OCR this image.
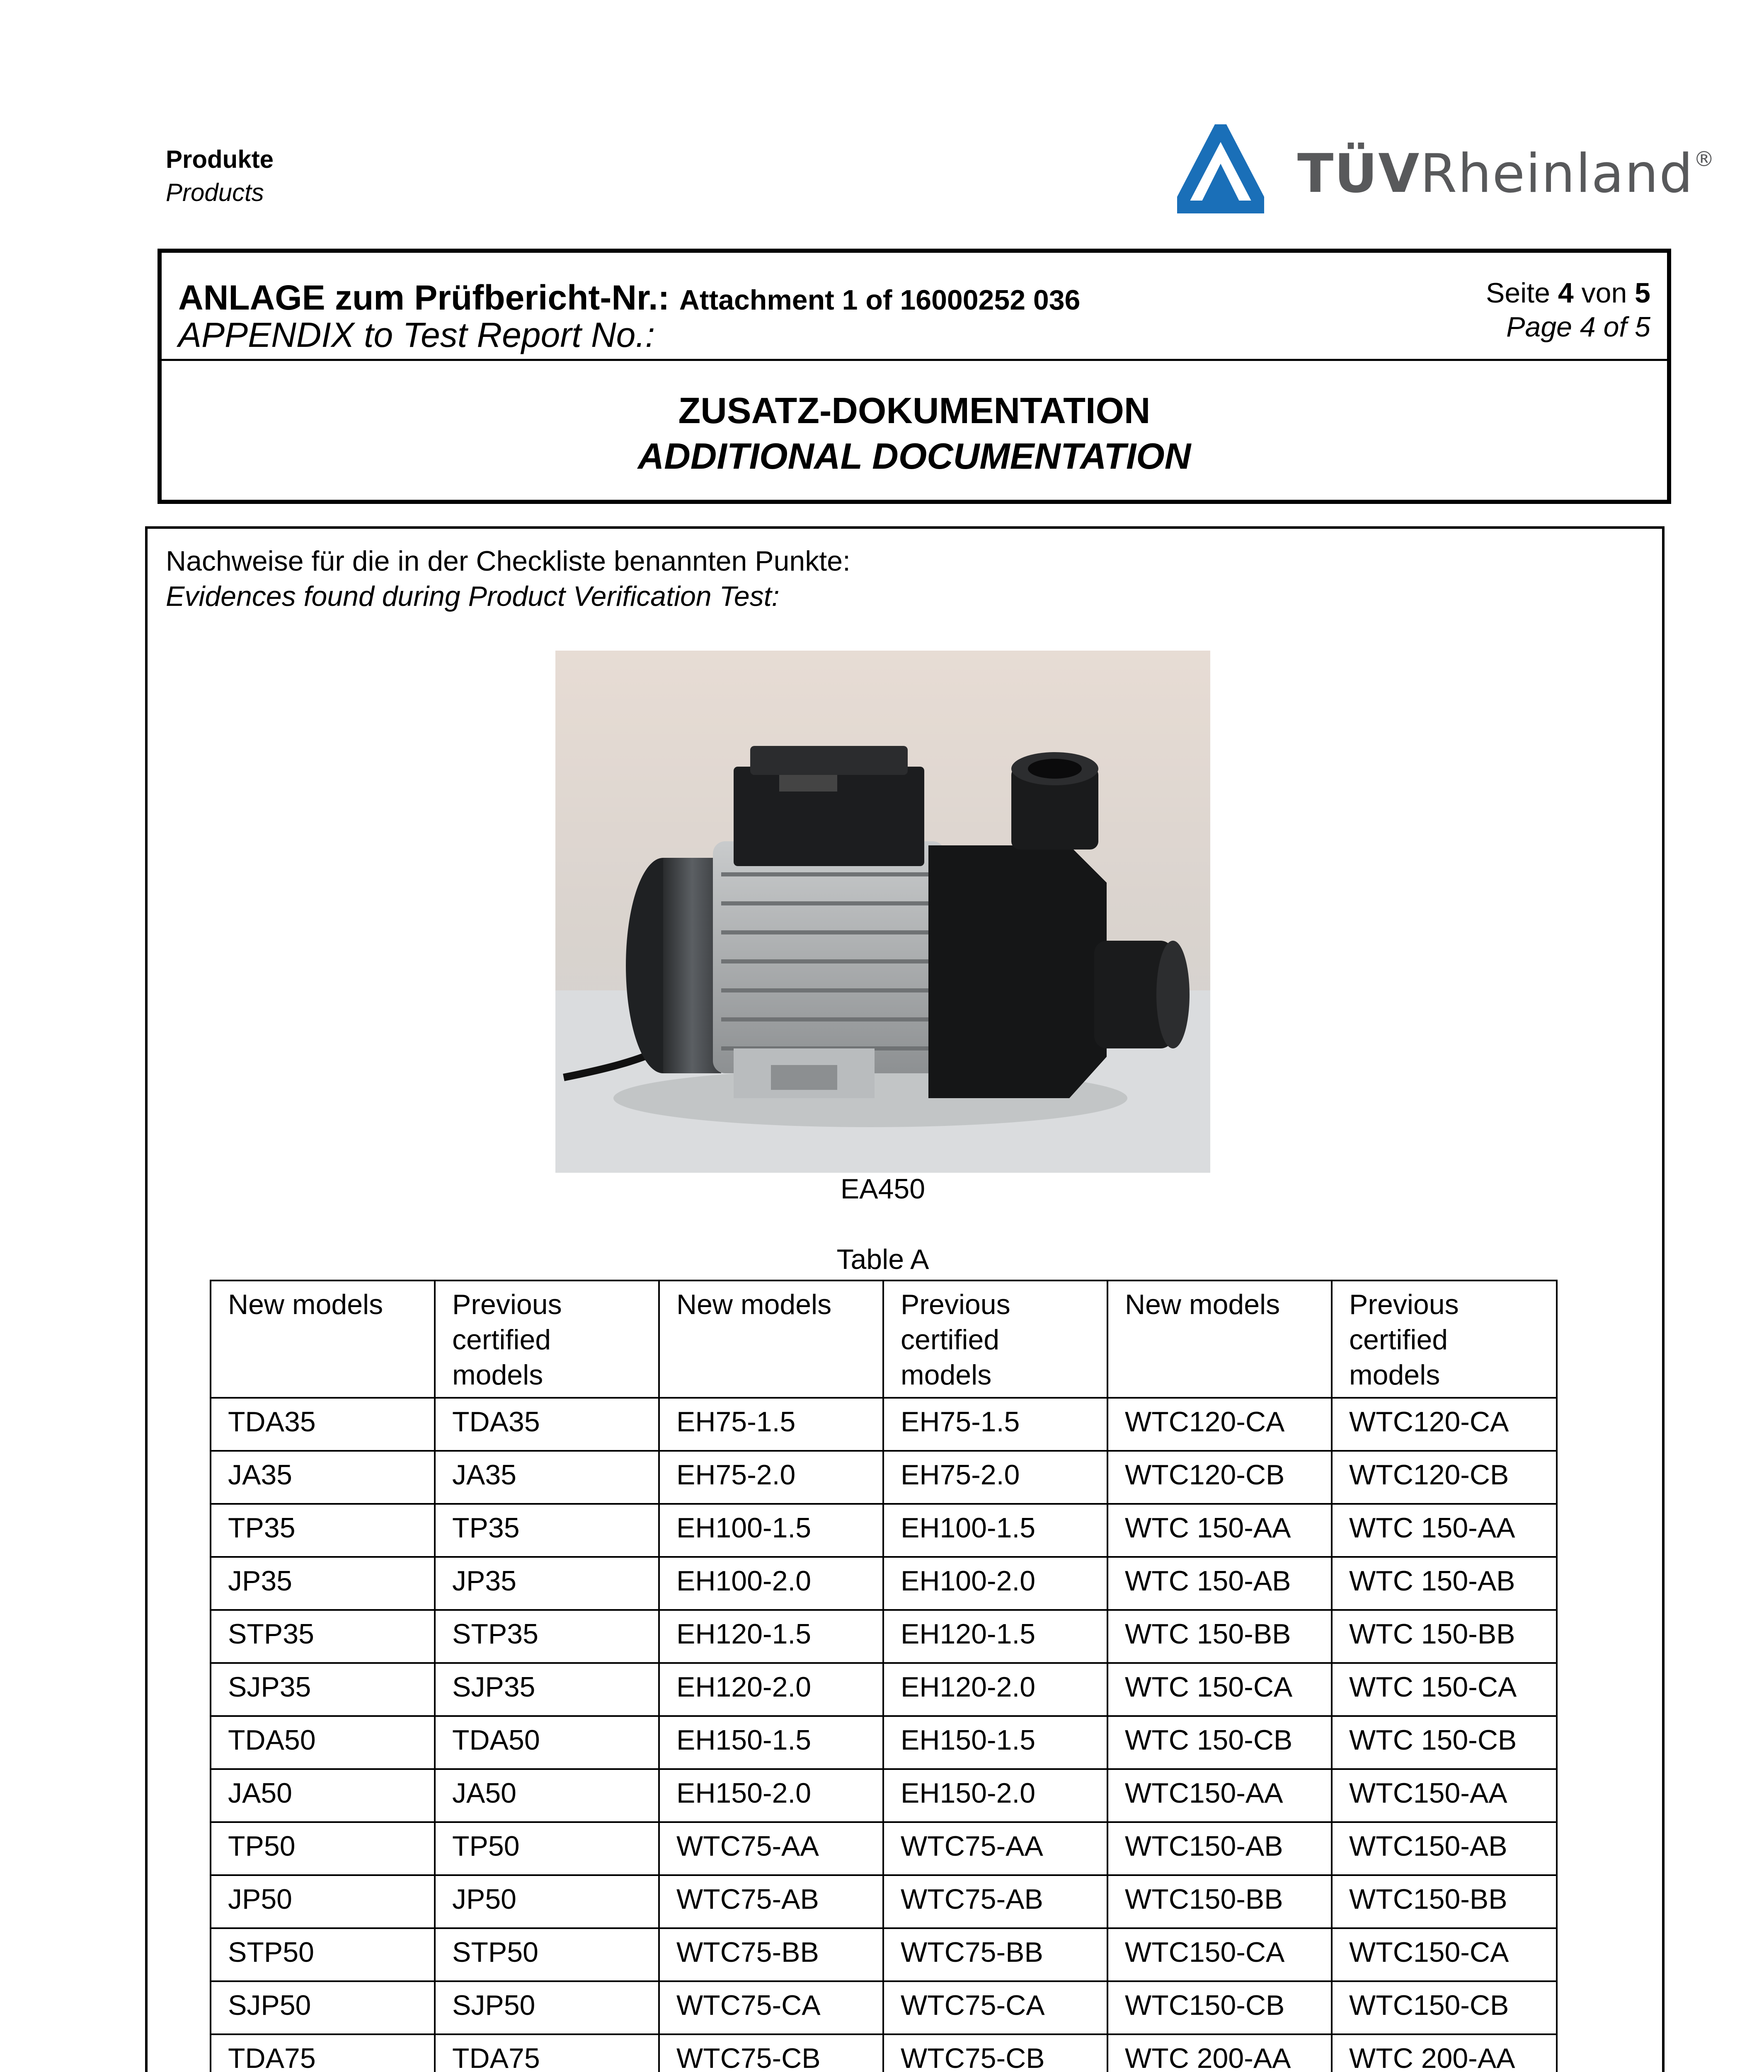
Produkte
Products	TÜVRheinland®
ANLAGE zum Prüfbericht-Nr.: Attachment 1 of 16000252 036
APPENDIX to Test Report No.:
Seite 4 von 5
Page 4 of 5
ZUSATZ-DOKUMENTATION
ADDITIONAL DOCUMENTATION
Nachweise für die in der Checkliste benannten Punkte:
Evidences found during Product Verification Test:
EA450
Table A
New models	Previous certified models	New models	Previous certified models	New models	Previous certified models
TDA35	TDA35	EH75-1.5	EH75-1.5	WTC120-CA	WTC120-CA
JA35	JA35	EH75-2.0	EH75-2.0	WTC120-CB	WTC120-CB
TP35	TP35	EH100-1.5	EH100-1.5	WTC 150-AA	WTC 150-AA
JP35	JP35	EH100-2.0	EH100-2.0	WTC 150-AB	WTC 150-AB
STP35	STP35	EH120-1.5	EH120-1.5	WTC 150-BB	WTC 150-BB
SJP35	SJP35	EH120-2.0	EH120-2.0	WTC 150-CA	WTC 150-CA
TDA50	TDA50	EH150-1.5	EH150-1.5	WTC 150-CB	WTC 150-CB
JA50	JA50	EH150-2.0	EH150-2.0	WTC150-AA	WTC150-AA
TP50	TP50	WTC75-AA	WTC75-AA	WTC150-AB	WTC150-AB
JP50	JP50	WTC75-AB	WTC75-AB	WTC150-BB	WTC150-BB
STP50	STP50	WTC75-BB	WTC75-BB	WTC150-CA	WTC150-CA
SJP50	SJP50	WTC75-CA	WTC75-CA	WTC150-CB	WTC150-CB
TDA75	TDA75	WTC75-CB	WTC75-CB	WTC 200-AA	WTC 200-AA
